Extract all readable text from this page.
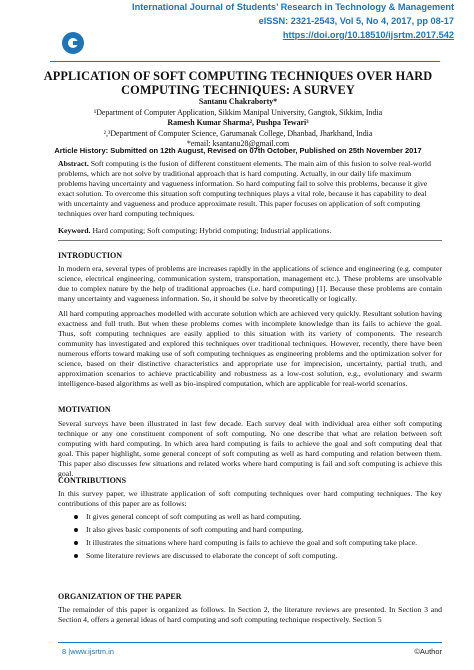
International Journal of Students’ Research in Technology & Management
eISSN: 2321-2543, Vol 5, No 4, 2017, pp 08-17
https://doi.org/10.18510/ijsrtm.2017.542
APPLICATION OF SOFT COMPUTING TECHNIQUES OVER HARD COMPUTING TECHNIQUES: A SURVEY
Santanu Chakraborty*
¹Department of Computer Application, Sikkim Manipal University, Gangtok, Sikkim, India
Ramesh Kumar Sharma², Pushpa Tewari³
²,³Department of Computer Science, Garumanak College, Dhanbad, Jharkhand, India
*email: ksantanu28@gmail.com
Article History: Submitted on 12th August, Revised on 07th October, Published on 25th November 2017
Abstract. Soft computing is the fusion of different constituent elements. The main aim of this fusion to solve real-world problems, which are not solve by traditional approach that is hard computing. Actually, in our daily life maximum problems having uncertainty and vagueness information. So hard computing fail to solve this problems, because it give exact solution. To overcome this situation soft computing techniques plays a vital role, because it has capability to deal with uncertainty and vagueness and produce approximate result. This paper focuses on application of soft computing techniques over hard computing techniques.
Keyword. Hard computing; Soft computing; Hybrid computing; Industrial applications.
INTRODUCTION
In modern era, several types of problems are increases rapidly in the applications of science and engineering (e.g. computer science, electrical engineering, communication system, transportation, management etc.). These problems are unsolvable due to complex nature by the help of traditional approaches (i.e. hard computing) [1]. Because these problems are contain many uncertainty and vagueness information. So, it should be solve by theoretically or logically.
All hard computing approaches modelled with accurate solution which are achieved very quickly. Resultant solution having exactness and full truth. But when these problems comes with incomplete knowledge than its fails to achieve the goal. Thus, soft computing techniques are easily applied to this situation with its variety of components. The research community has investigated and explored this techniques over traditional techniques. However, recently, there have been numerous efforts toward making use of soft computing techniques as engineering problems and the optimization solver for science, based on their distinctive characteristics and appropriate use for imprecision, uncertainty, partial truth, and approximation scenarios to achieve practicability and robustness as a low-cost solution, e.g., evolutionary and swarm intelligence-based algorithms as well as bio-inspired computation, which are applicable for real-world scenarios.
MOTIVATION
Several surveys have been illustrated in last few decade. Each survey deal with individual area either soft computing technique or any one constituent component of soft computing. No one describe that what are relation between soft computing with hard computing. In which area hard computing is fails to achieve the goal and soft computing deal that goal. This paper highlight, some general concept of soft computing as well as hard computing and relation between them. This paper also discusses few situations and related works where hard computing is fail and soft computing is achieve this goal.
CONTRIBUTIONS
In this survey paper, we illustrate application of soft computing techniques over hard computing techniques. The key contributions of this paper are as follows:
It gives general concept of soft computing as well as hard computing.
It also gives basic components of soft computing and hard computing.
It illustrates the situations where hard computing is fails to achieve the goal and soft computing take place.
Some literature reviews are discussed to elaborate the concept of soft computing.
ORGANIZATION OF THE PAPER
The remainder of this paper is organized as follows. In Section 2, the literature reviews are presented. In Section 3 and Section 4, offers a general ideas of hard computing and soft computing technique respectively. Section 5
8 |www.ijsrtm.in	©Author
